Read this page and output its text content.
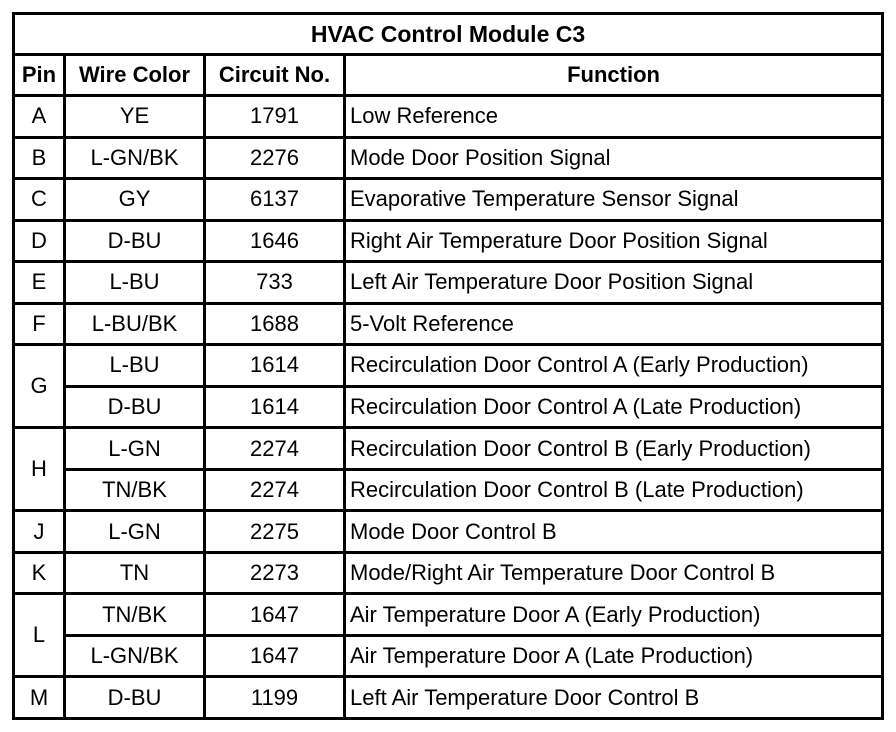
HVAC Control Module C3			
Pin	Wire Color	Circuit No.	Function
A	YE	1791	Low Reference
B	L-GN/BK	2276	Mode Door Position Signal
C	GY	6137	Evaporative Temperature Sensor Signal
D	D-BU	1646	Right Air Temperature Door Position Signal
E	L-BU	733	Left Air Temperature Door Position Signal
F	L-BU/BK	1688	5-Volt Reference
G	L-BU	1614	Recirculation Door Control A (Early Production)
	D-BU	1614	Recirculation Door Control A (Late Production)
H	L-GN	2274	Recirculation Door Control B (Early Production)
	TN/BK	2274	Recirculation Door Control B (Late Production)
J	L-GN	2275	Mode Door Control B
K	TN	2273	Mode/Right Air Temperature Door Control B
L	TN/BK	1647	Air Temperature Door A (Early Production)
	L-GN/BK	1647	Air Temperature Door A (Late Production)
M	D-BU	1199	Left Air Temperature Door Control B
